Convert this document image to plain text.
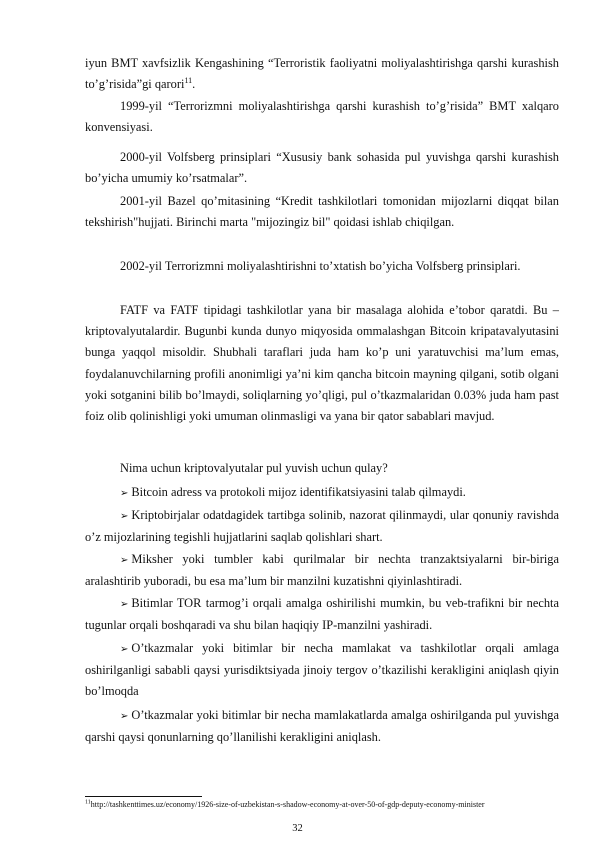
iyun BMT xavfsizlik Kengashining “Terroristik faoliyatni moliyalashtirishga qarshi kurashish to’g’risida”gi qarori$^{11}$.

1999-yil “Terrorizmni moliyalashtirishga qarshi kurashish to’g’risida” BMT xalqaro konvensiyasi.

2000-yil Volfsberg prinsiplari “Xususiy bank sohasida pul yuvishga qarshi kurashish bo’yicha umumiy ko’rsatmalar”.

2001-yil Bazel qo’mitasining “Kredit tashkilotlari tomonidan mijozlarni diqqat bilan tekshirish"hujjati. Birinchi marta "mijozingiz bil" qoidasi ishlab chiqilgan.

2002-yil Terrorizmni moliyalashtirishni to’xtatish bo’yicha Volfsberg prinsiplari.

FATF va FATF tipidagi tashkilotlar yana bir masalaga alohida e’tobor qaratdi. Bu – kriptovalyutalardir. Bugunbi kunda dunyo miqyosida ommalashgan Bitcoin kripatavalyutasini bunga yaqqol misoldir. Shubhali taraflari juda ham ko’p uni yaratuvchisi ma’lum emas, foydalanuvchilarning profili anonimligi ya’ni kim qancha bitcoin mayning qilgani, sotib olgani yoki sotganini bilib bo’lmaydi, soliqlarning yo’qligi, pul o’tkazmalaridan 0.03% juda ham past foiz olib qolinishligi yoki umuman olinmasligi va yana bir qator sabablari mavjud.

Nima uchun kriptovalyutalar pul yuvish uchun qulay?

➢ Bitcoin adress va protokoli mijoz identifikatsiyasini talab qilmaydi.

➢ Kriptobirjalar odatdagidek tartibga solinib, nazorat qilinmaydi, ular qonuniy ravishda o’z mijozlarining tegishli hujjatlarini saqlab qolishlari shart.

➢ Miksher yoki tumbler kabi qurilmalar bir nechta tranzaktsiyalarni bir-biriga aralashtirib yuboradi, bu esa ma’lum bir manzilni kuzatishni qiyinlashtiradi.

➢ Bitimlar TOR tarmog’i orqali amalga oshirilishi mumkin, bu veb-trafikni bir nechta tugunlar orqali boshqaradi va shu bilan haqiqiy IP-manzilni yashiradi.

➢ O’tkazmalar yoki bitimlar bir necha mamlakat va tashkilotlar orqali amlaga oshirilganligi sababli qaysi yurisdiktsiyada jinoiy tergov o’tkazilishi kerakligini aniqlash qiyin bo’lmoqda

➢ O’tkazmalar yoki bitimlar bir necha mamlakatlarda amalga oshirilganda pul yuvishga qarshi qaysi qonunlarning qo’llanilishi kerakligini aniqlash.

$^{11}$http://tashkenttimes.uz/economy/1926-size-of-uzbekistan-s-shadow-economy-at-over-50-of-gdp-deputy-economy-minister

32
